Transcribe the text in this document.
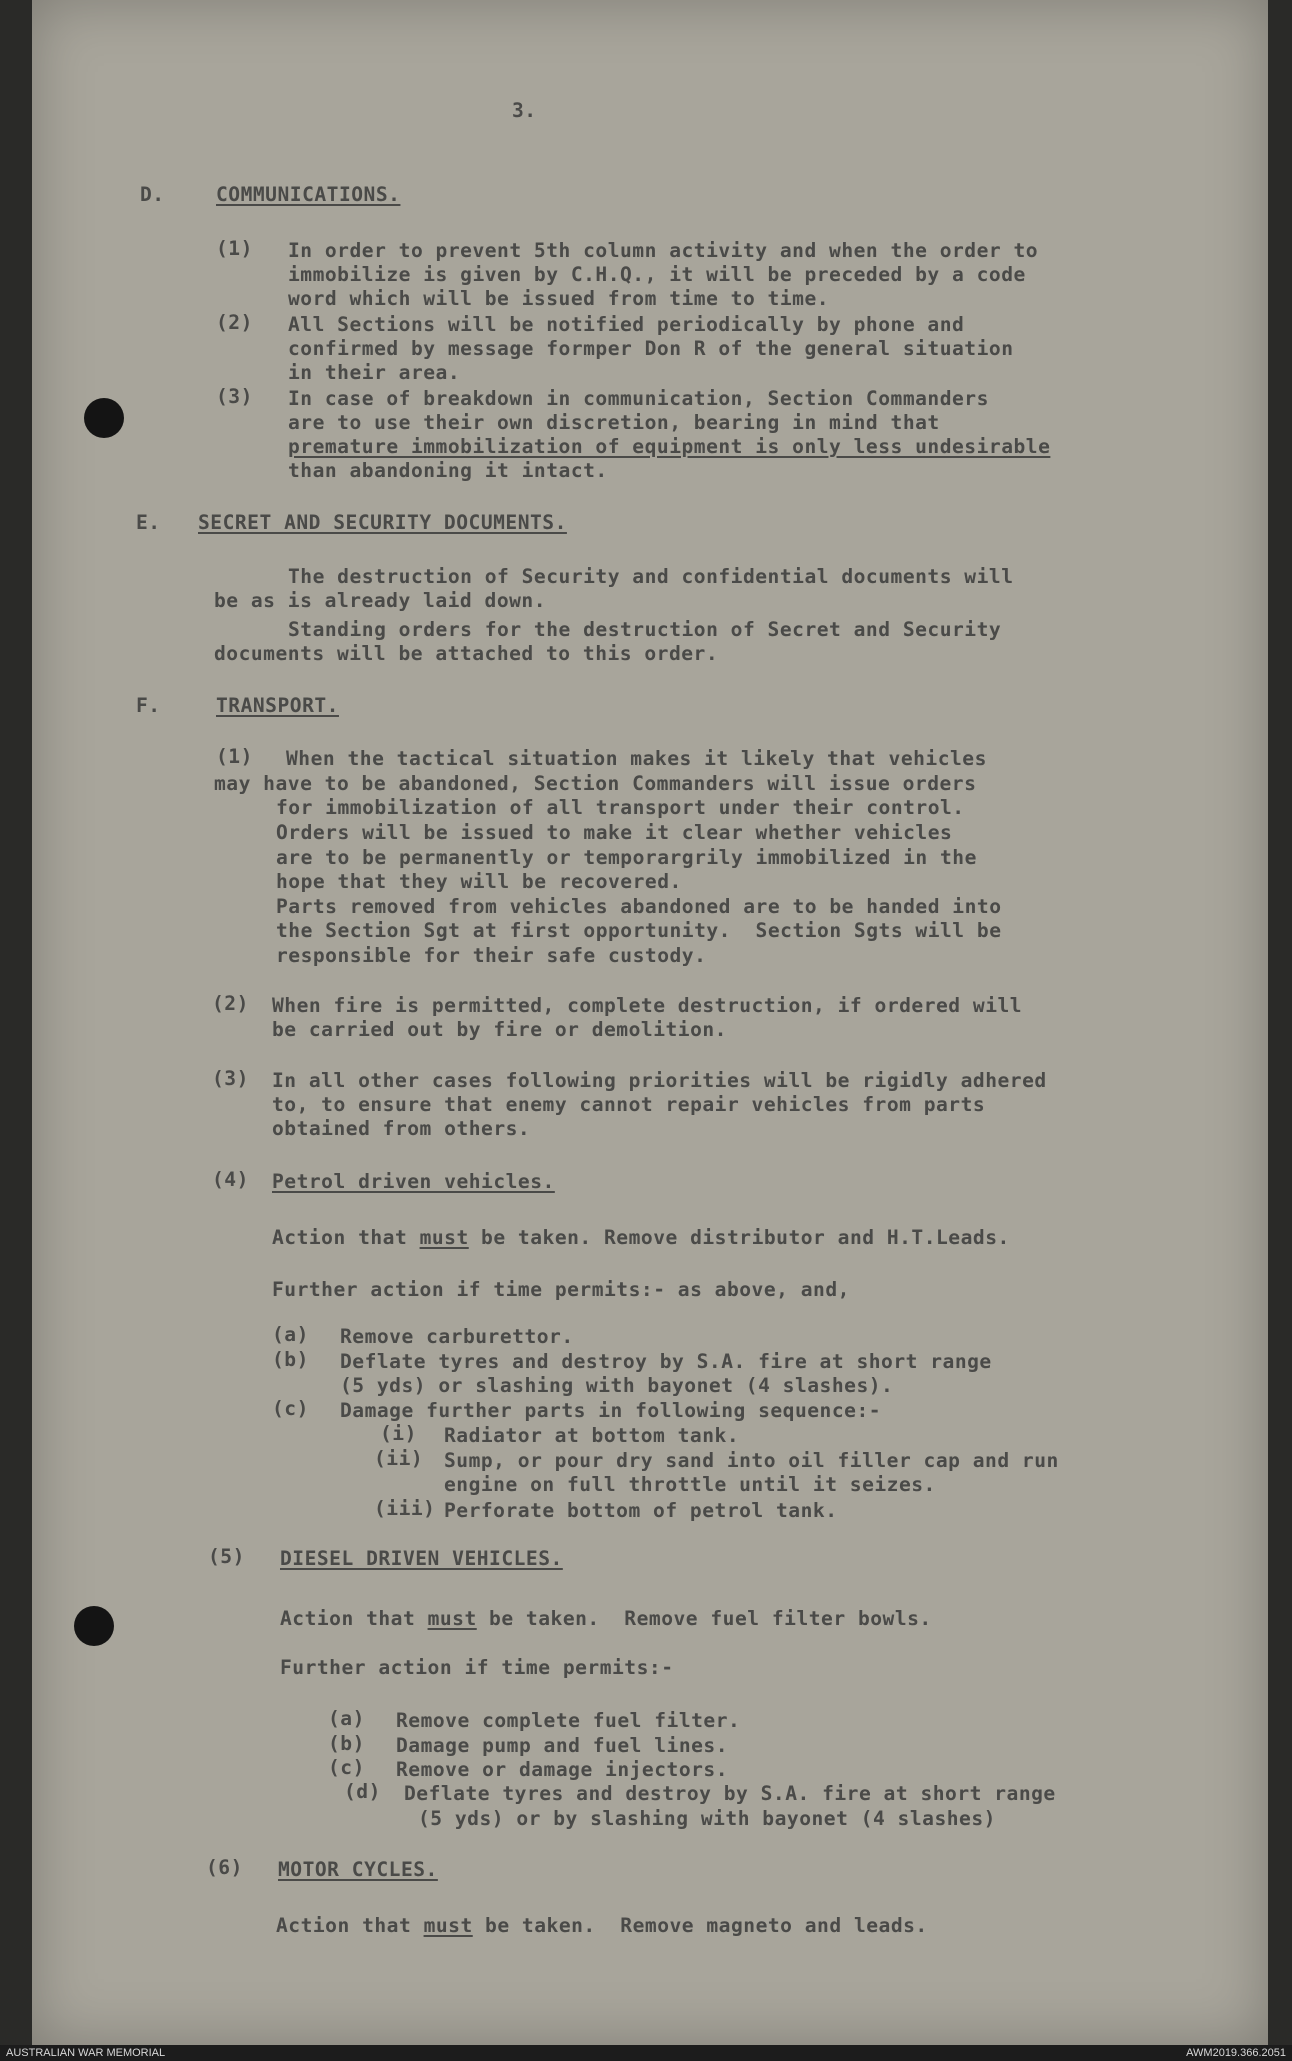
3.

D.	COMMUNICATIONS.

(1) In order to prevent 5th column activity and when the order to

immobilize is given by C.H.Q., it will be preceded by a code

word which will be issued from time to time.

(2) All Sections will be notified periodically by phone and

confirmed by message formper Don R of the general situation

in their area.

(3) In case of breakdown in communication, Section Commanders

are to use their own discretion, bearing in mind that

premature immobilization of equipment is only less undesirable

than abandoning it intact.

E. SECRET AND SECURITY DOCUMENTS.

The destruction of Security and confidential documents will

be as is already laid down.

Standing orders for the destruction of Secret and Security

documents will be attached to this order.

F.	TRANSPORT.

(1) When the tactical situation makes it likely that vehicles

may have to be abandoned, Section Commanders will issue orders

for immobilization of all transport under their control.

Orders will be issued to make it clear whether vehicles

are to be permanently or temporargrily immobilized in the

hope that they will be recovered.

Parts removed from vehicles abandoned are to be handed into

the Section Sgt at first opportunity.  Section Sgts will be

responsible for their safe custody.

(2) When fire is permitted, complete destruction, if ordered will

be carried out by fire or demolition.

(3) In all other cases following priorities will be rigidly adhered

to, to ensure that enemy cannot repair vehicles from parts

obtained from others.

(4) Petrol driven vehicles.

Action that must be taken. Remove distributor and H.T.Leads.

Further action if time permits:- as above, and,

(a) Remove carburettor.

(b) Deflate tyres and destroy by S.A. fire at short range

(5 yds) or slashing with bayonet (4 slashes).

(c) Damage further parts in following sequence:-

(i) Radiator at bottom tank.

(ii) Sump, or pour dry sand into oil filler cap and run

engine on full throttle until it seizes.

(iii) Perforate bottom of petrol tank.

(5) DIESEL DRIVEN VEHICLES.

Action that must be taken.  Remove fuel filter bowls.

Further action if time permits:-

(a) Remove complete fuel filter.

(b) Damage pump and fuel lines.

(c) Remove or damage injectors.

(d) Deflate tyres and destroy by S.A. fire at short range

(5 yds) or by slashing with bayonet (4 slashes)

(6) MOTOR CYCLES.

Action that must be taken.  Remove magneto and leads.

AUSTRALIAN WAR MEMORIAL	AWM2019.366.2051
